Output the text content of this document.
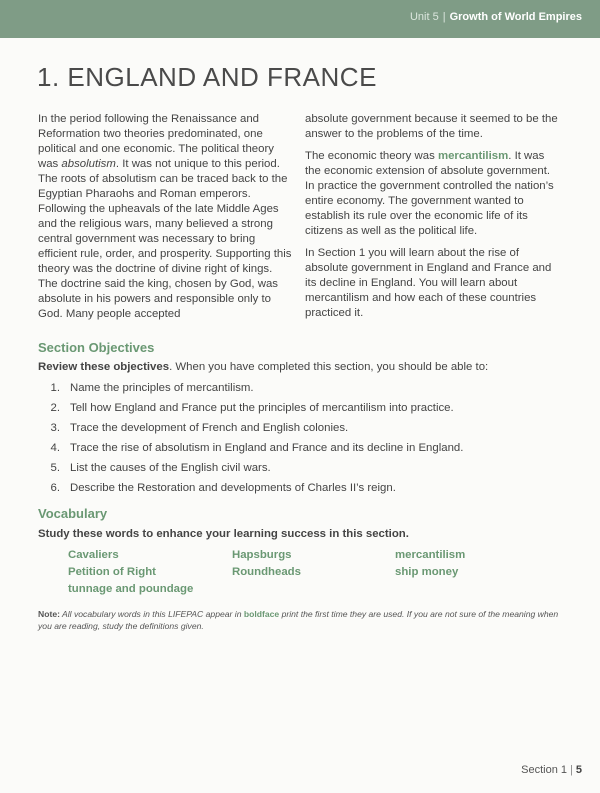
Unit 5 | Growth of World Empires
1. ENGLAND AND FRANCE

In the period following the Renaissance and Reformation two theories predominated, one political and one economic. The political theory was absolutism. It was not unique to this period. The roots of absolutism can be traced back to the Egyptian Pharaohs and Roman emperors. Following the upheavals of the late Middle Ages and the religious wars, many believed a strong central government was necessary to bring efficient rule, order, and prosperity. Supporting this theory was the doctrine of divine right of kings. The doctrine said the king, chosen by God, was absolute in his powers and responsible only to God. Many people accepted

absolute government because it seemed to be the answer to the problems of the time.

The economic theory was mercantilism. It was the economic extension of absolute government. In practice the government controlled the nation’s entire economy. The government wanted to establish its rule over the economic life of its citizens as well as the political life.

In Section 1 you will learn about the rise of absolute government in England and France and its decline in England. You will learn about mercantilism and how each of these countries practiced it.

Section Objectives
Review these objectives. When you have completed this section, you should be able to:
1. Name the principles of mercantilism.
2. Tell how England and France put the principles of mercantilism into practice.
3. Trace the development of French and English colonies.
4. Trace the rise of absolutism in England and France and its decline in England.
5. List the causes of the English civil wars.
6. Describe the Restoration and developments of Charles II’s reign.
Vocabulary
Study these words to enhance your learning success in this section.
Cavaliers	Hapsburgs	mercantilism
Petition of Right	Roundheads	ship money
tunnage and poundage
Note: All vocabulary words in this LIFEPAC appear in boldface print the first time they are used. If you are not sure of the meaning when you are reading, study the definitions given.
Section 1 | 5
